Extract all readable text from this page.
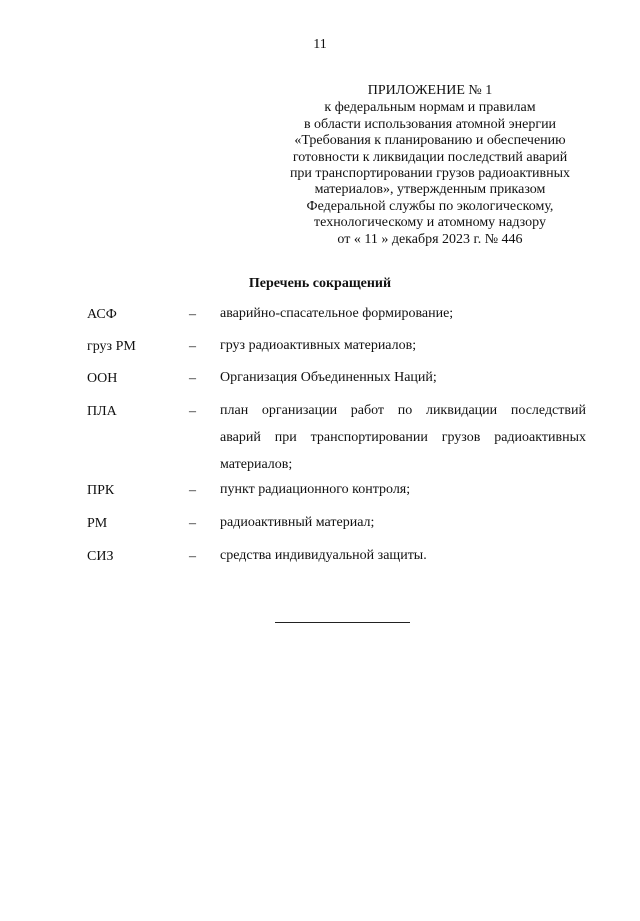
11
ПРИЛОЖЕНИЕ № 1
к федеральным нормам и правилам
в области использования атомной энергии
«Требования к планированию и обеспечению
готовности к ликвидации последствий аварий
при транспортировании грузов радиоактивных
материалов», утвержденным приказом
Федеральной службы по экологическому,
технологическому и атомному надзору
от « 11 » декабря 2023 г. № 446
Перечень сокращений
АСФ	– аварийно-спасательное формирование;
груз РМ	– груз радиоактивных материалов;
ООН	– Организация Объединенных Наций;
ПЛА	– план организации работ по ликвидации последствий
аварий при транспортировании грузов радиоактивных
материалов;
ПРК	– пункт радиационного контроля;
РМ	– радиоактивный материал;
СИЗ	– средства индивидуальной защиты.
